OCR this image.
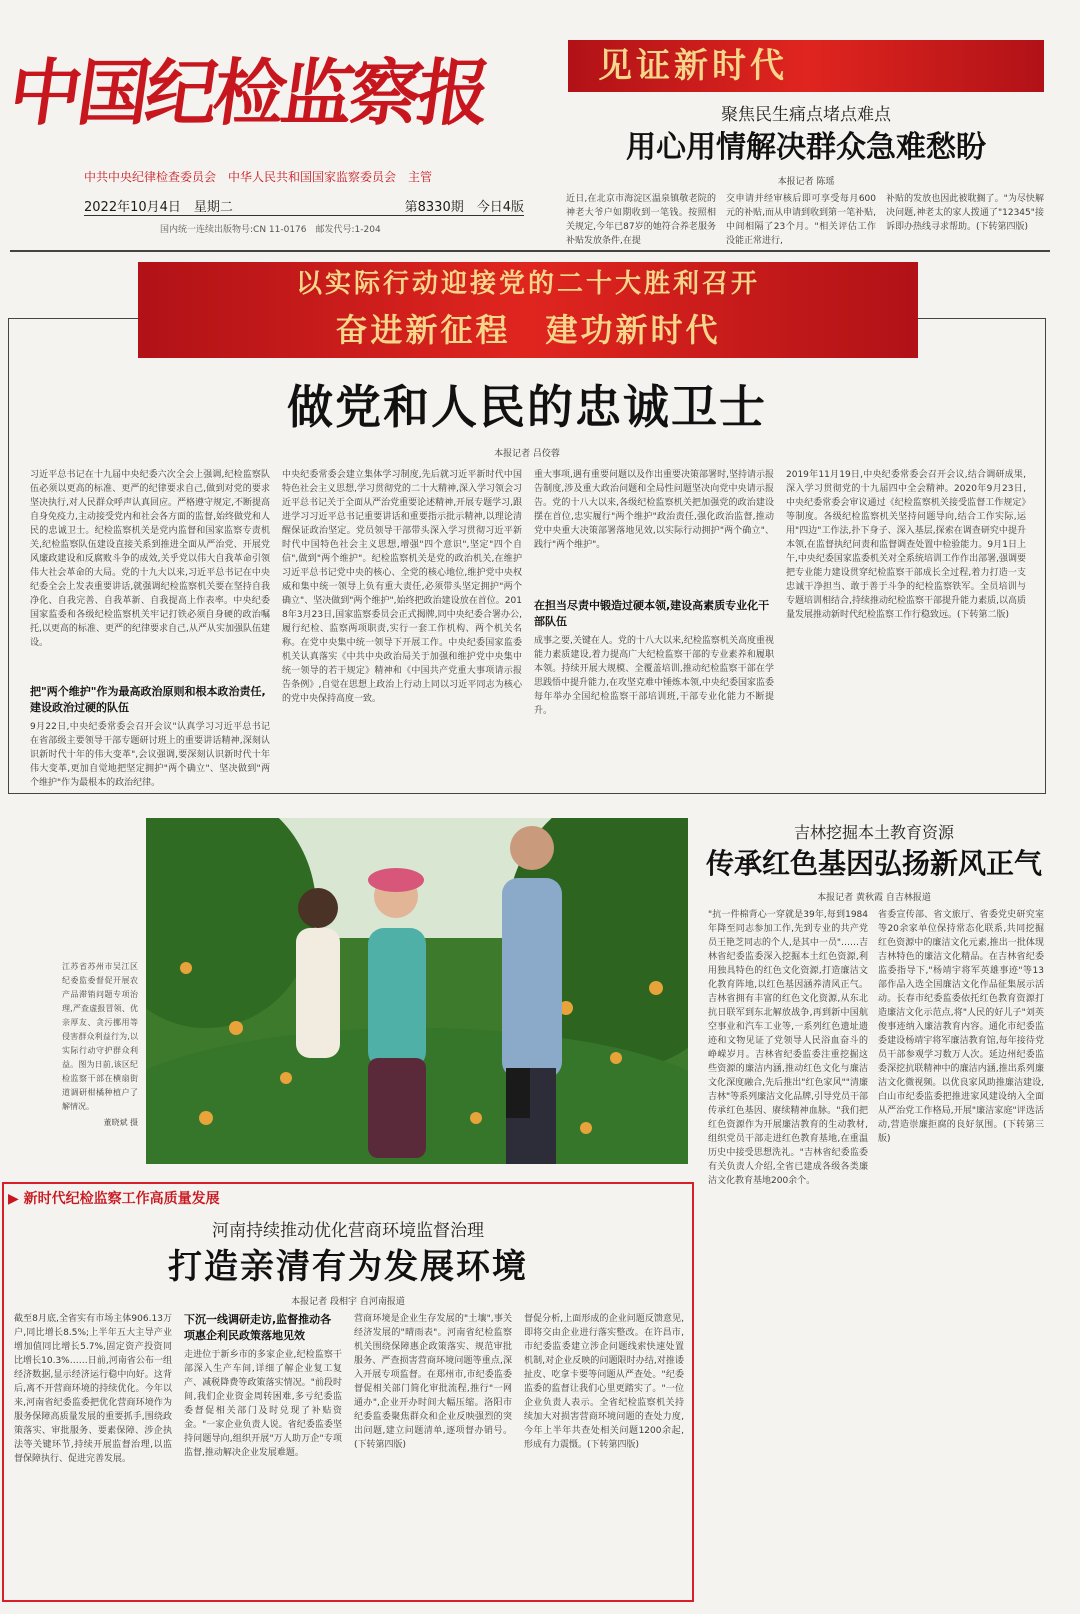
中国纪检监察报
中共中央纪律检查委员会　中华人民共和国国家监察委员会　主管
2022年10月4日　星期二	第8330期　今日4版
国内统一连续出版物号:CN 11-0176　邮发代号:1-204
见证新时代
聚焦民生痛点堵点难点
用心用情解决群众急难愁盼
本报记者 陈瑶
近日,在北京市海淀区温泉镇敬老院的神老大爷户如期收到一笔钱。按照相关规定,今年已87岁的她符合养老服务补贴发放条件,在提
交申请并经审核后即可享受每月600元的补贴,而从申请到收到第一笔补贴,中间相隔了23个月。"相关评估工作没能正常进行,
补贴的发放也因此被耽搁了。"为尽快解决问题,神老太的家人拨通了"12345"接诉即办热线寻求帮助。(下转第四版)
以实际行动迎接党的二十大胜利召开
奋进新征程　建功新时代
做党和人民的忠诚卫士
本报记者 吕佼蓉
习近平总书记在十九届中央纪委六次全会上强调,纪检监察队伍必须以更高的标准、更严的纪律要求自己,做到对党的要求坚决执行,对人民群众呼声认真回应。严格遵守规定,不断提高自身免疫力,主动接受党内和社会各方面的监督,始终做党和人民的忠诚卫士。纪检监察机关是党内监督和国家监察专责机关,纪检监察队伍建设直接关系到推进全面从严治党、开展党风廉政建设和反腐败斗争的成效,关乎党以伟大自我革命引领伟大社会革命的大局。党的十九大以来,习近平总书记在中央纪委全会上发表重要讲话,就强调纪检监察机关要在坚持自我净化、自我完善、自我革新、自我提高上作表率。中央纪委国家监委和各级纪检监察机关牢记打铁必须自身硬的政治嘱托,以更高的标准、更严的纪律要求自己,从严从实加强队伍建设。
把"两个维护"作为最高政治原则和根本政治责任,建设政治过硬的队伍
9月22日,中央纪委常委会召开会议"认真学习习近平总书记在省部级主要领导干部专题研讨班上的重要讲话精神,深刻认识新时代十年的伟大变革",会议强调,要深刻认识新时代十年伟大变革,更加自觉地把坚定拥护"两个确立"、坚决做到"两个维护"作为最根本的政治纪律。
中央纪委常委会建立集体学习制度,先后就习近平新时代中国特色社会主义思想,学习贯彻党的二十大精神,深入学习领会习近平总书记关于全面从严治党重要论述精神,开展专题学习,跟进学习习近平总书记重要讲话和重要指示批示精神,以理论清醒保证政治坚定。党员领导干部带头深入学习贯彻习近平新时代中国特色社会主义思想,增强"四个意识",坚定"四个自信",做到"两个维护"。纪检监察机关是党的政治机关,在维护习近平总书记党中央的核心、全党的核心地位,维护党中央权威和集中统一领导上负有重大责任,必须带头坚定拥护"两个确立"、坚决做到"两个维护",始终把政治建设放在首位。2018年3月23日,国家监察委员会正式揭牌,同中央纪委合署办公,履行纪检、监察两项职责,实行一套工作机构、两个机关名称。在党中央集中统一领导下开展工作。中央纪委国家监委机关认真落实《中共中央政治局关于加强和维护党中央集中统一领导的若干规定》精神和《中国共产党重大事项请示报告条例》,自觉在思想上政治上行动上同以习近平同志为核心的党中央保持高度一致。
重大事项,遇有重要问题以及作出重要决策部署时,坚持请示报告制度,涉及重大政治问题和全局性问题坚决向党中央请示报告。党的十八大以来,各级纪检监察机关把加强党的政治建设摆在首位,忠实履行"两个维护"政治责任,强化政治监督,推动党中央重大决策部署落地见效,以实际行动拥护"两个确立"、践行"两个维护"。
在担当尽责中锻造过硬本领,建设高素质专业化干部队伍
成事之要,关键在人。党的十八大以来,纪检监察机关高度重视能力素质建设,着力提高广大纪检监察干部的专业素养和履职本领。持续开展大规模、全覆盖培训,推动纪检监察干部在学思践悟中提升能力,在攻坚克难中锤炼本领,中央纪委国家监委每年举办全国纪检监察干部培训班,干部专业化能力不断提升。
2019年11月19日,中央纪委常委会召开会议,结合调研成果,深入学习贯彻党的十九届四中全会精神。2020年9月23日,中央纪委常委会审议通过《纪检监察机关接受监督工作规定》等制度。各级纪检监察机关坚持问题导向,结合工作实际,运用"四边"工作法,扑下身子、深入基层,探索在调查研究中提升本领,在监督执纪问责和监督调查处置中检验能力。9月1日上午,中央纪委国家监委机关对全系统培训工作作出部署,强调要把专业能力建设贯穿纪检监察干部成长全过程,着力打造一支忠诚干净担当、敢于善于斗争的纪检监察铁军。全员培训与专题培训相结合,持续推动纪检监察干部提升能力素质,以高质量发展推动新时代纪检监察工作行稳致远。(下转第二版)
江苏省苏州市吴江区纪委监委督促开展农产品滞销问题专项治理,严查虚报冒领、优亲厚友、贪污挪用等侵害群众利益行为,以实际行动守护群众利益。图为日前,该区纪检监察干部在横扇街道调研柑橘种植户了解情况。
董晓斌 摄
吉林挖掘本土教育资源
传承红色基因弘扬新风正气
本报记者 黄秋霞 自吉林报道
"抗一件棉背心一穿就是39年,每到1984年降至同志参加工作,先到专业的共产党员王艳芝同志的个人,是其中一员"……吉林省纪委监委深入挖掘本土红色资源,利用独具特色的红色文化资源,打造廉洁文化教育阵地,以红色基因涵养清风正气。吉林省拥有丰富的红色文化资源,从东北抗日联军到东北解放战争,再到新中国航空事业和汽车工业等,一系列红色遗址遗迹和文物见证了党领导人民浴血奋斗的峥嵘岁月。吉林省纪委监委注重挖掘这些资源的廉洁内涵,推动红色文化与廉洁文化深度融合,先后推出"红色家风""清廉吉林"等系列廉洁文化品牌,引导党员干部传承红色基因、赓续精神血脉。"我们把红色资源作为开展廉洁教育的生动教材,组织党员干部走进红色教育基地,在重温历史中接受思想洗礼。"吉林省纪委监委有关负责人介绍,全省已建成各级各类廉洁文化教育基地200余个。
省委宣传部、省文旅厅、省委党史研究室等20余家单位保持常态化联系,共同挖掘红色资源中的廉洁文化元素,推出一批体现吉林特色的廉洁文化精品。在吉林省纪委监委指导下,"杨靖宇将军英雄事迹"等13部作品入选全国廉洁文化作品征集展示活动。长春市纪委监委依托红色教育资源打造廉洁文化示范点,将"人民的好儿子"刘英俊事迹纳入廉洁教育内容。通化市纪委监委建设杨靖宇将军廉洁教育馆,每年接待党员干部参观学习数万人次。延边州纪委监委深挖抗联精神中的廉洁内涵,推出系列廉洁文化微视频。以优良家风助推廉洁建设,白山市纪委监委把推进家风建设纳入全面从严治党工作格局,开展"廉洁家庭"评选活动,营造崇廉拒腐的良好氛围。(下转第三版)
▶ 新时代纪检监察工作高质量发展
河南持续推动优化营商环境监督治理
打造亲清有为发展环境
本报记者 段相宇 自河南报道
截至8月底,全省实有市场主体906.13万户,同比增长8.5%;上半年五大主导产业增加值同比增长5.7%,固定资产投资同比增长10.3%……日前,河南省公布一组经济数据,显示经济运行稳中向好。这背后,离不开营商环境的持续优化。今年以来,河南省纪委监委把优化营商环境作为服务保障高质量发展的重要抓手,围绕政策落实、审批服务、要素保障、涉企执法等关键环节,持续开展监督治理,以监督保障执行、促进完善发展。
下沉一线调研走访,监督推动各项惠企利民政策落地见效
走进位于新乡市的多家企业,纪检监察干部深入生产车间,详细了解企业复工复产、减税降费等政策落实情况。"前段时间,我们企业资金周转困难,多亏纪委监委督促相关部门及时兑现了补贴资金。"一家企业负责人说。省纪委监委坚持问题导向,组织开展"万人助万企"专项监督,推动解决企业发展难题。
营商环境是企业生存发展的"土壤",事关经济发展的"晴雨表"。河南省纪检监察机关围绕保障惠企政策落实、规范审批服务、严查损害营商环境问题等重点,深入开展专项监督。在郑州市,市纪委监委督促相关部门简化审批流程,推行"一网通办",企业开办时间大幅压缩。洛阳市纪委监委聚焦群众和企业反映强烈的突出问题,建立问题清单,逐项督办销号。(下转第四版)
督促分析,上面形成的企业问题反馈意见,即将交由企业进行落实整改。在许昌市,市纪委监委建立涉企问题线索快速处置机制,对企业反映的问题限时办结,对推诿扯皮、吃拿卡要等问题从严查处。"纪委监委的监督让我们心里更踏实了。"一位企业负责人表示。全省纪检监察机关持续加大对损害营商环境问题的查处力度,今年上半年共查处相关问题1200余起,形成有力震慑。(下转第四版)
